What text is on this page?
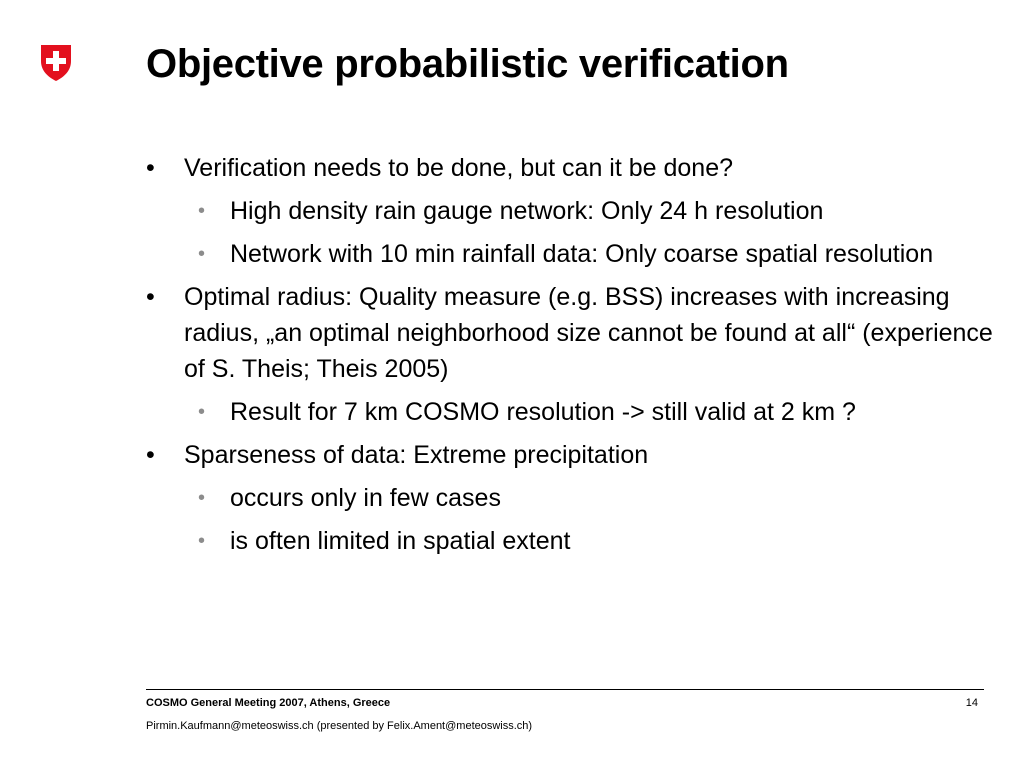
Objective probabilistic verification
•	Verification needs to be done, but can it be done?
• High density rain gauge network: Only 24 h resolution
• Network with 10 min rainfall data: Only coarse spatial resolution
•	Optimal radius: Quality measure (e.g. BSS) increases with increasing radius, „an optimal neighborhood size cannot be found at all“ (experience of S. Theis; Theis 2005)
• Result for 7 km COSMO resolution -> still valid at 2 km ?
•	Sparseness of data: Extreme precipitation
• occurs only in few cases
• is often limited in spatial extent
COSMO General Meeting 2007, Athens, Greece	14
Pirmin.Kaufmann@meteoswiss.ch (presented by Felix.Ament@meteoswiss.ch)
